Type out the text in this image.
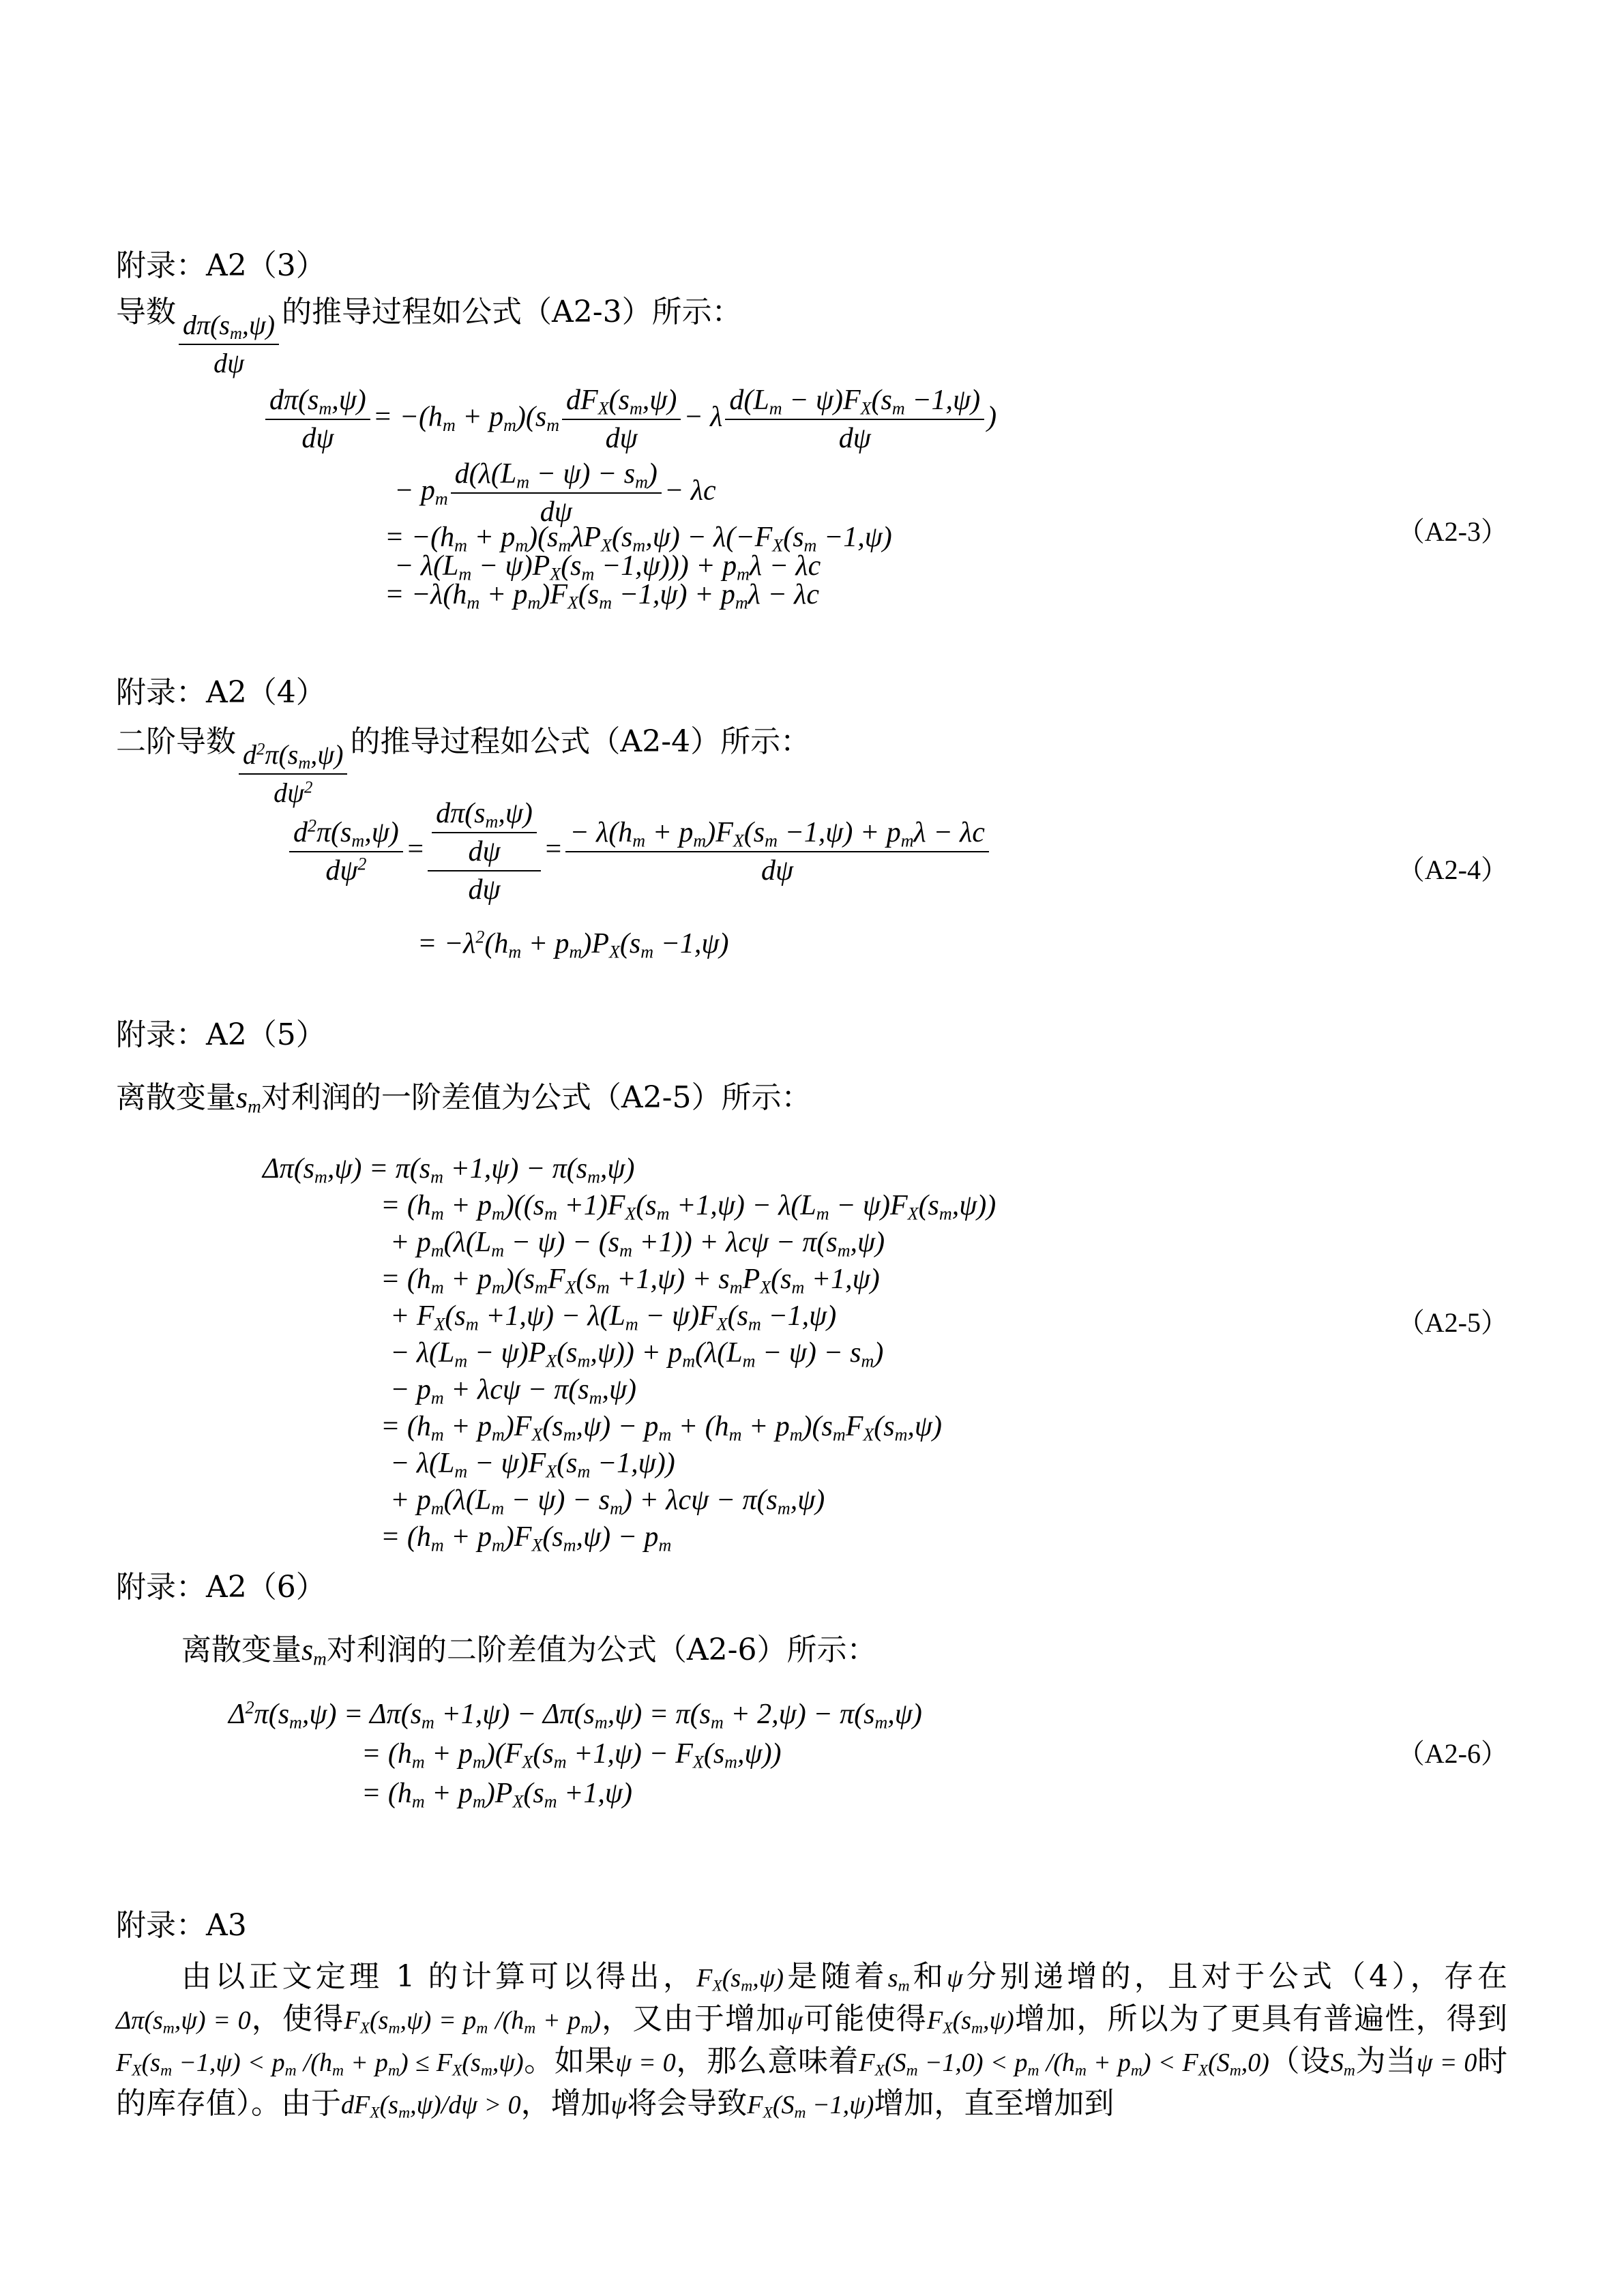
附录：A2（3）
导数 $\frac{d\pi(s_m,\psi)}{d\psi}$ 的推导过程如公式（A2-3）所示：
$\frac{d\pi(s_m,\psi)}{d\psi} = -(h_m + p_m)(s_m \frac{dF_X(s_m,\psi)}{d\psi} - \lambda \frac{d(L_m - \psi)F_X(s_m -1,\psi)}{d\psi}$ )
− $p_m \frac{d(\lambda(L_m - \psi) - s_m)}{d\psi} - \lambda c$
= $-(h_m + p_m)(s_m\lambda P_X(s_m,\psi) - \lambda(-F_X(s_m -1,\psi)$
− $\lambda(L_m - \psi)P_X(s_m -1,\psi))) + p_m\lambda - \lambda c$
= $-\lambda(h_m + p_m)F_X(s_m -1,\psi) + p_m\lambda - \lambda c$
（A2-3）
附录：A2（4）
二阶导数 $\frac{d^2\pi(s_m,\psi)}{d\psi^2}$ 的推导过程如公式（A2-4）所示：
$\frac{d^2\pi(s_m,\psi)}{d\psi^2} = \frac{\frac{d\pi(s_m,\psi)}{d\psi}}{d\psi} = \frac{- \lambda(h_m + p_m)F_X(s_m -1,\psi) + p_m\lambda - \lambda c}{d\psi}$
= $-\lambda^2(h_m + p_m)P_X(s_m -1,\psi)$
（A2-4）
附录：A2（5）
离散变量$s_m$对利润的一阶差值为公式（A2-5）所示：
$\Delta\pi(s_m,\psi) = \pi(s_m +1,\psi) - \pi(s_m,\psi)$
= $(h_m + p_m)((s_m +1)F_X(s_m +1,\psi) - \lambda(L_m - \psi)F_X(s_m,\psi))$
+ $p_m(\lambda(L_m - \psi) - (s_m +1)) + \lambda c\psi - \pi(s_m,\psi)$
= $(h_m + p_m)(s_mF_X(s_m +1,\psi) + s_mP_X(s_m +1,\psi)$
+ $F_X(s_m +1,\psi) - \lambda(L_m - \psi)F_X(s_m -1,\psi)$
− $\lambda(L_m - \psi)P_X(s_m,\psi)) + p_m(\lambda(L_m - \psi) - s_m)$
− $p_m + \lambda c\psi - \pi(s_m,\psi)$
= $(h_m + p_m)F_X(s_m,\psi) - p_m + (h_m + p_m)(s_mF_X(s_m,\psi)$
− $\lambda(L_m - \psi)F_X(s_m -1,\psi)$)
+ $p_m(\lambda(L_m - \psi) - s_m) + \lambda c\psi - \pi(s_m,\psi)$
= $(h_m + p_m)F_X(s_m,\psi) - p_m$
（A2-5）
附录：A2（6）
离散变量$s_m$对利润的二阶差值为公式（A2-6）所示：
$\Delta^2\pi(s_m,\psi) = \Delta\pi(s_m +1,\psi) - \Delta\pi(s_m,\psi) = \pi(s_m + 2,\psi) - \pi(s_m,\psi)$
= $(h_m + p_m)(F_X(s_m +1,\psi) - F_X(s_m,\psi))$
= $(h_m + p_m)P_X(s_m +1,\psi)$
（A2-6）
附录：A3
由以正文定理 1 的计算可以得出，$F_X(s_m,\psi)$是随着$s_m$和ψ分别递增的，且对于公式（4），存在$\Delta\pi(s_m,\psi) = 0$，使得$F_X(s_m,\psi) = p_m$ $/(h_m + p_m)$，又由于增加ψ可能使得$F_X(s_m,\psi)$增加，所以为了更具有普遍性，得到$F_X(s_m -1,\psi) < p_m$ $/(h_m + p_m) \le F_X(s_m,\psi)$。如果ψ = 0，那么意味着$F_X(S_m -1,0) < p_m$ $/(h_m + p_m) < F_X(S_m,0)$（设$S_m$为当ψ = 0时的库存值）。由于$dF_X(s_m,\psi)/d\psi > 0$，增加ψ将会导致$F_X(S_m -1,\psi)$增加，直至增加到
